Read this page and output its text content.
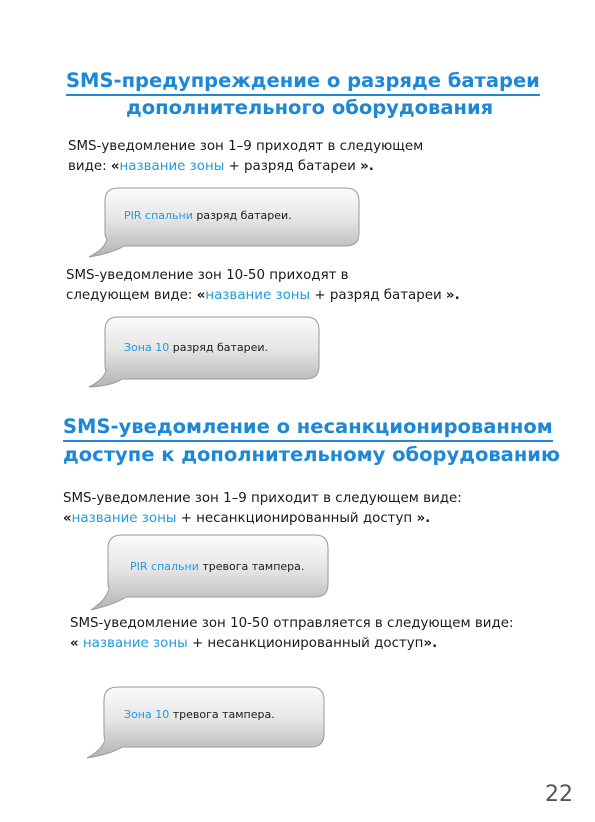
SMS-предупреждение о разряде батареи
дополнительного оборудования

SMS-уведомление зон 1–9 приходят в следующем
виде: «название зоны + разряд батареи ».

PIR спальни разряд батареи.

SMS-уведомление зон 10-50 приходят в
следующем виде: «название зоны + разряд батареи ».

Зона 10 разряд батареи.
SMS-уведомление о несанкционированном
доступе к дополнительному оборудованию

SMS-уведомление зон 1–9 приходит в следующем виде:
«название зоны + несанкционированный доступ ».

PIR спальни тревога тампера.

SMS-уведомление зон 10-50 отправляется в следующем виде:
« название зоны + несанкционированный доступ».

Зона 10 тревога тампера.
22
